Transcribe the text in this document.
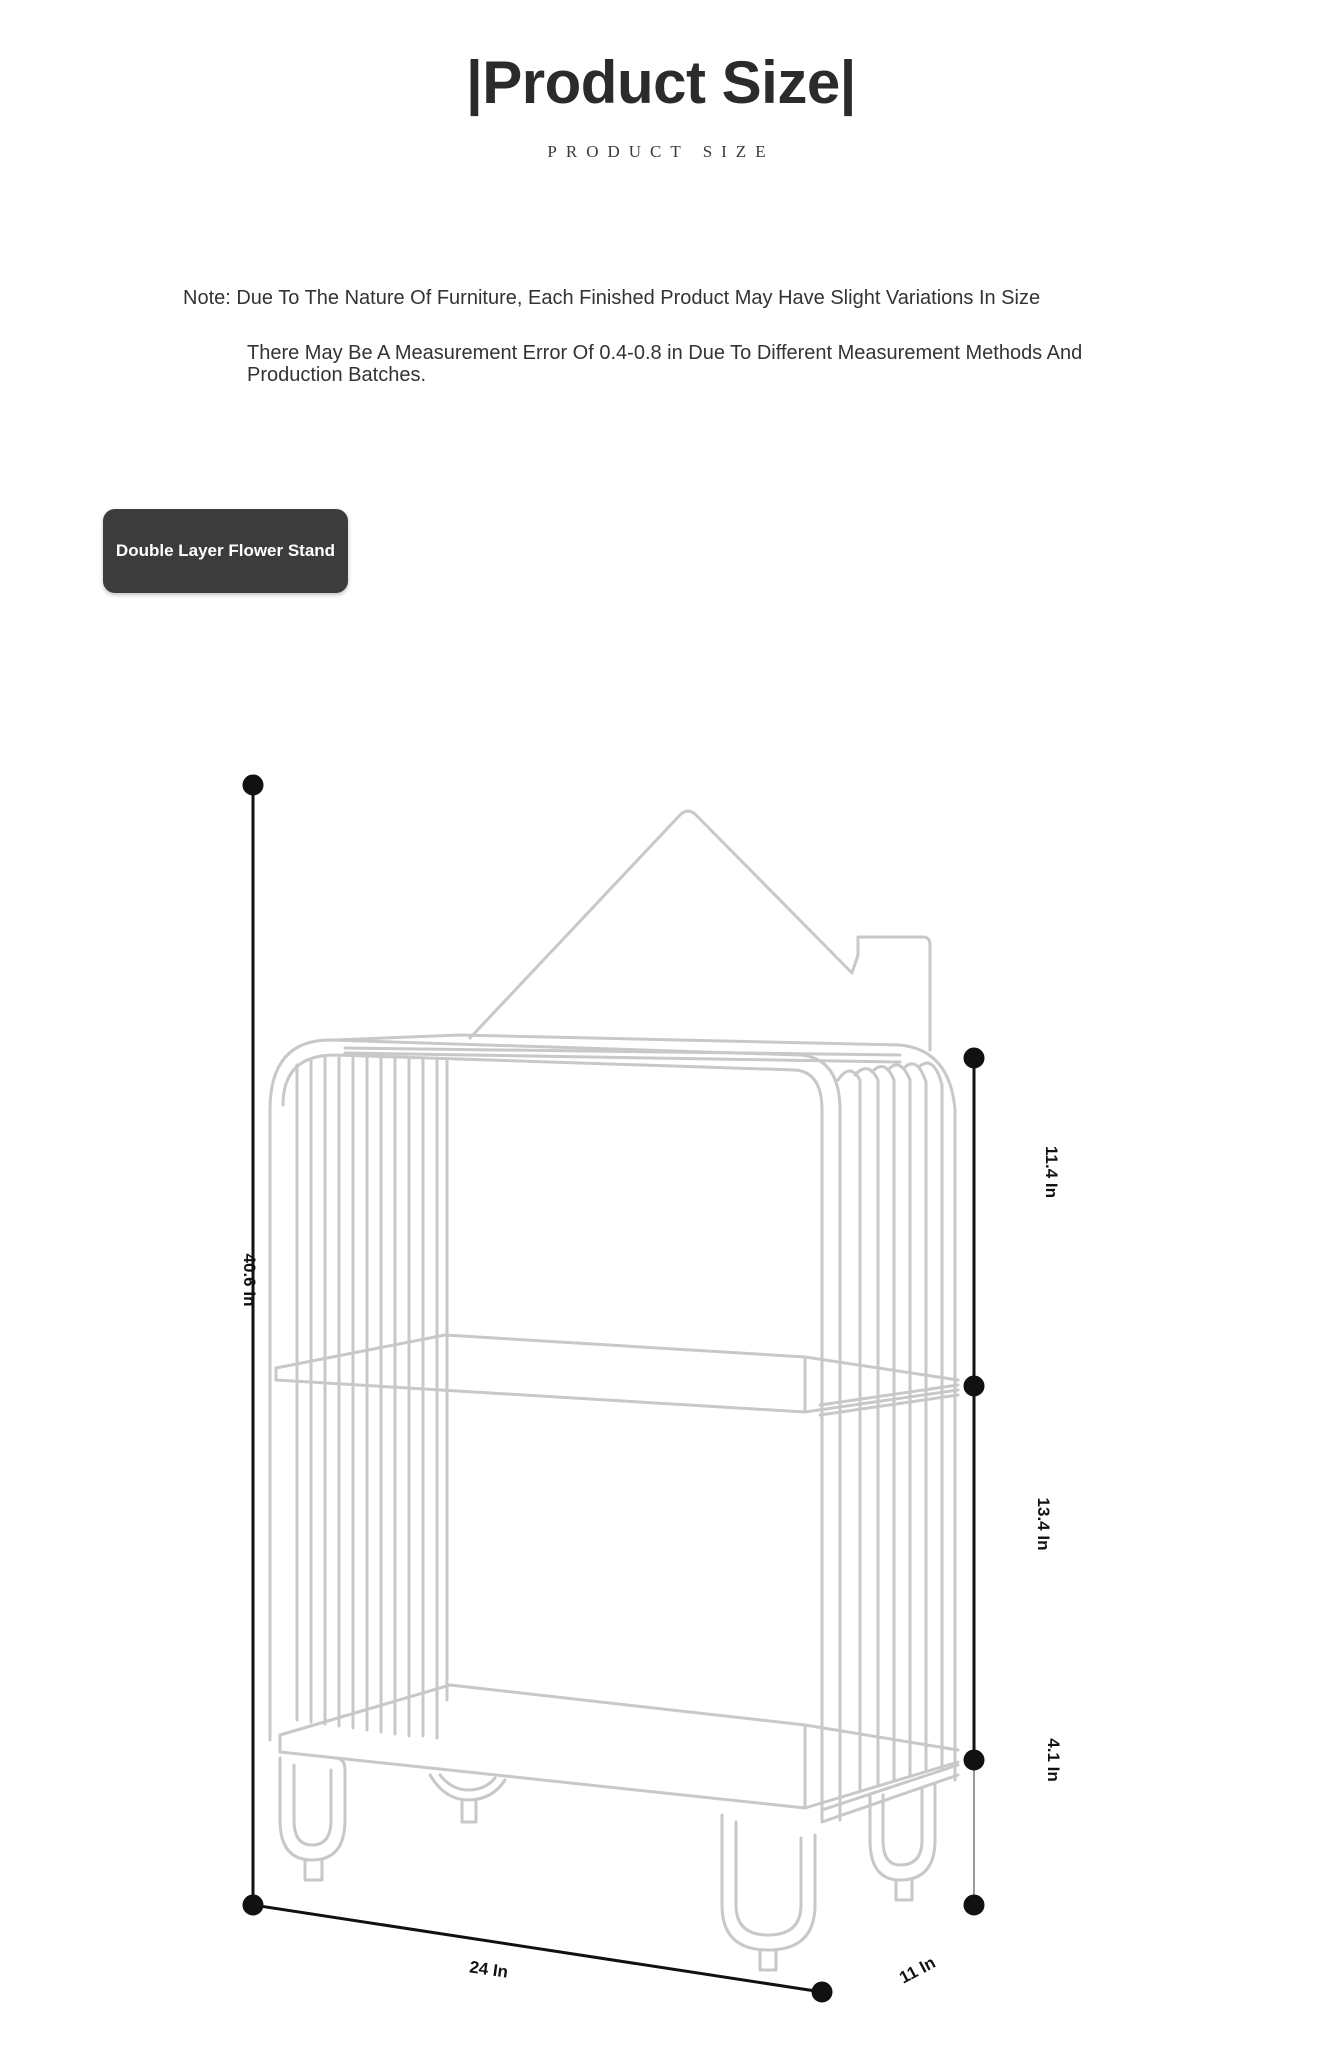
|Product Size|
PRODUCT SIZE
Note: Due To The Nature Of Furniture, Each Finished Product May Have Slight Variations In Size
There May Be A Measurement Error Of 0.4-0.8 in Due To Different Measurement Methods And Production Batches.
Double Layer Flower Stand
40.6 In
11.4 In
13.4 In
4.1 In
24 In	11 In
